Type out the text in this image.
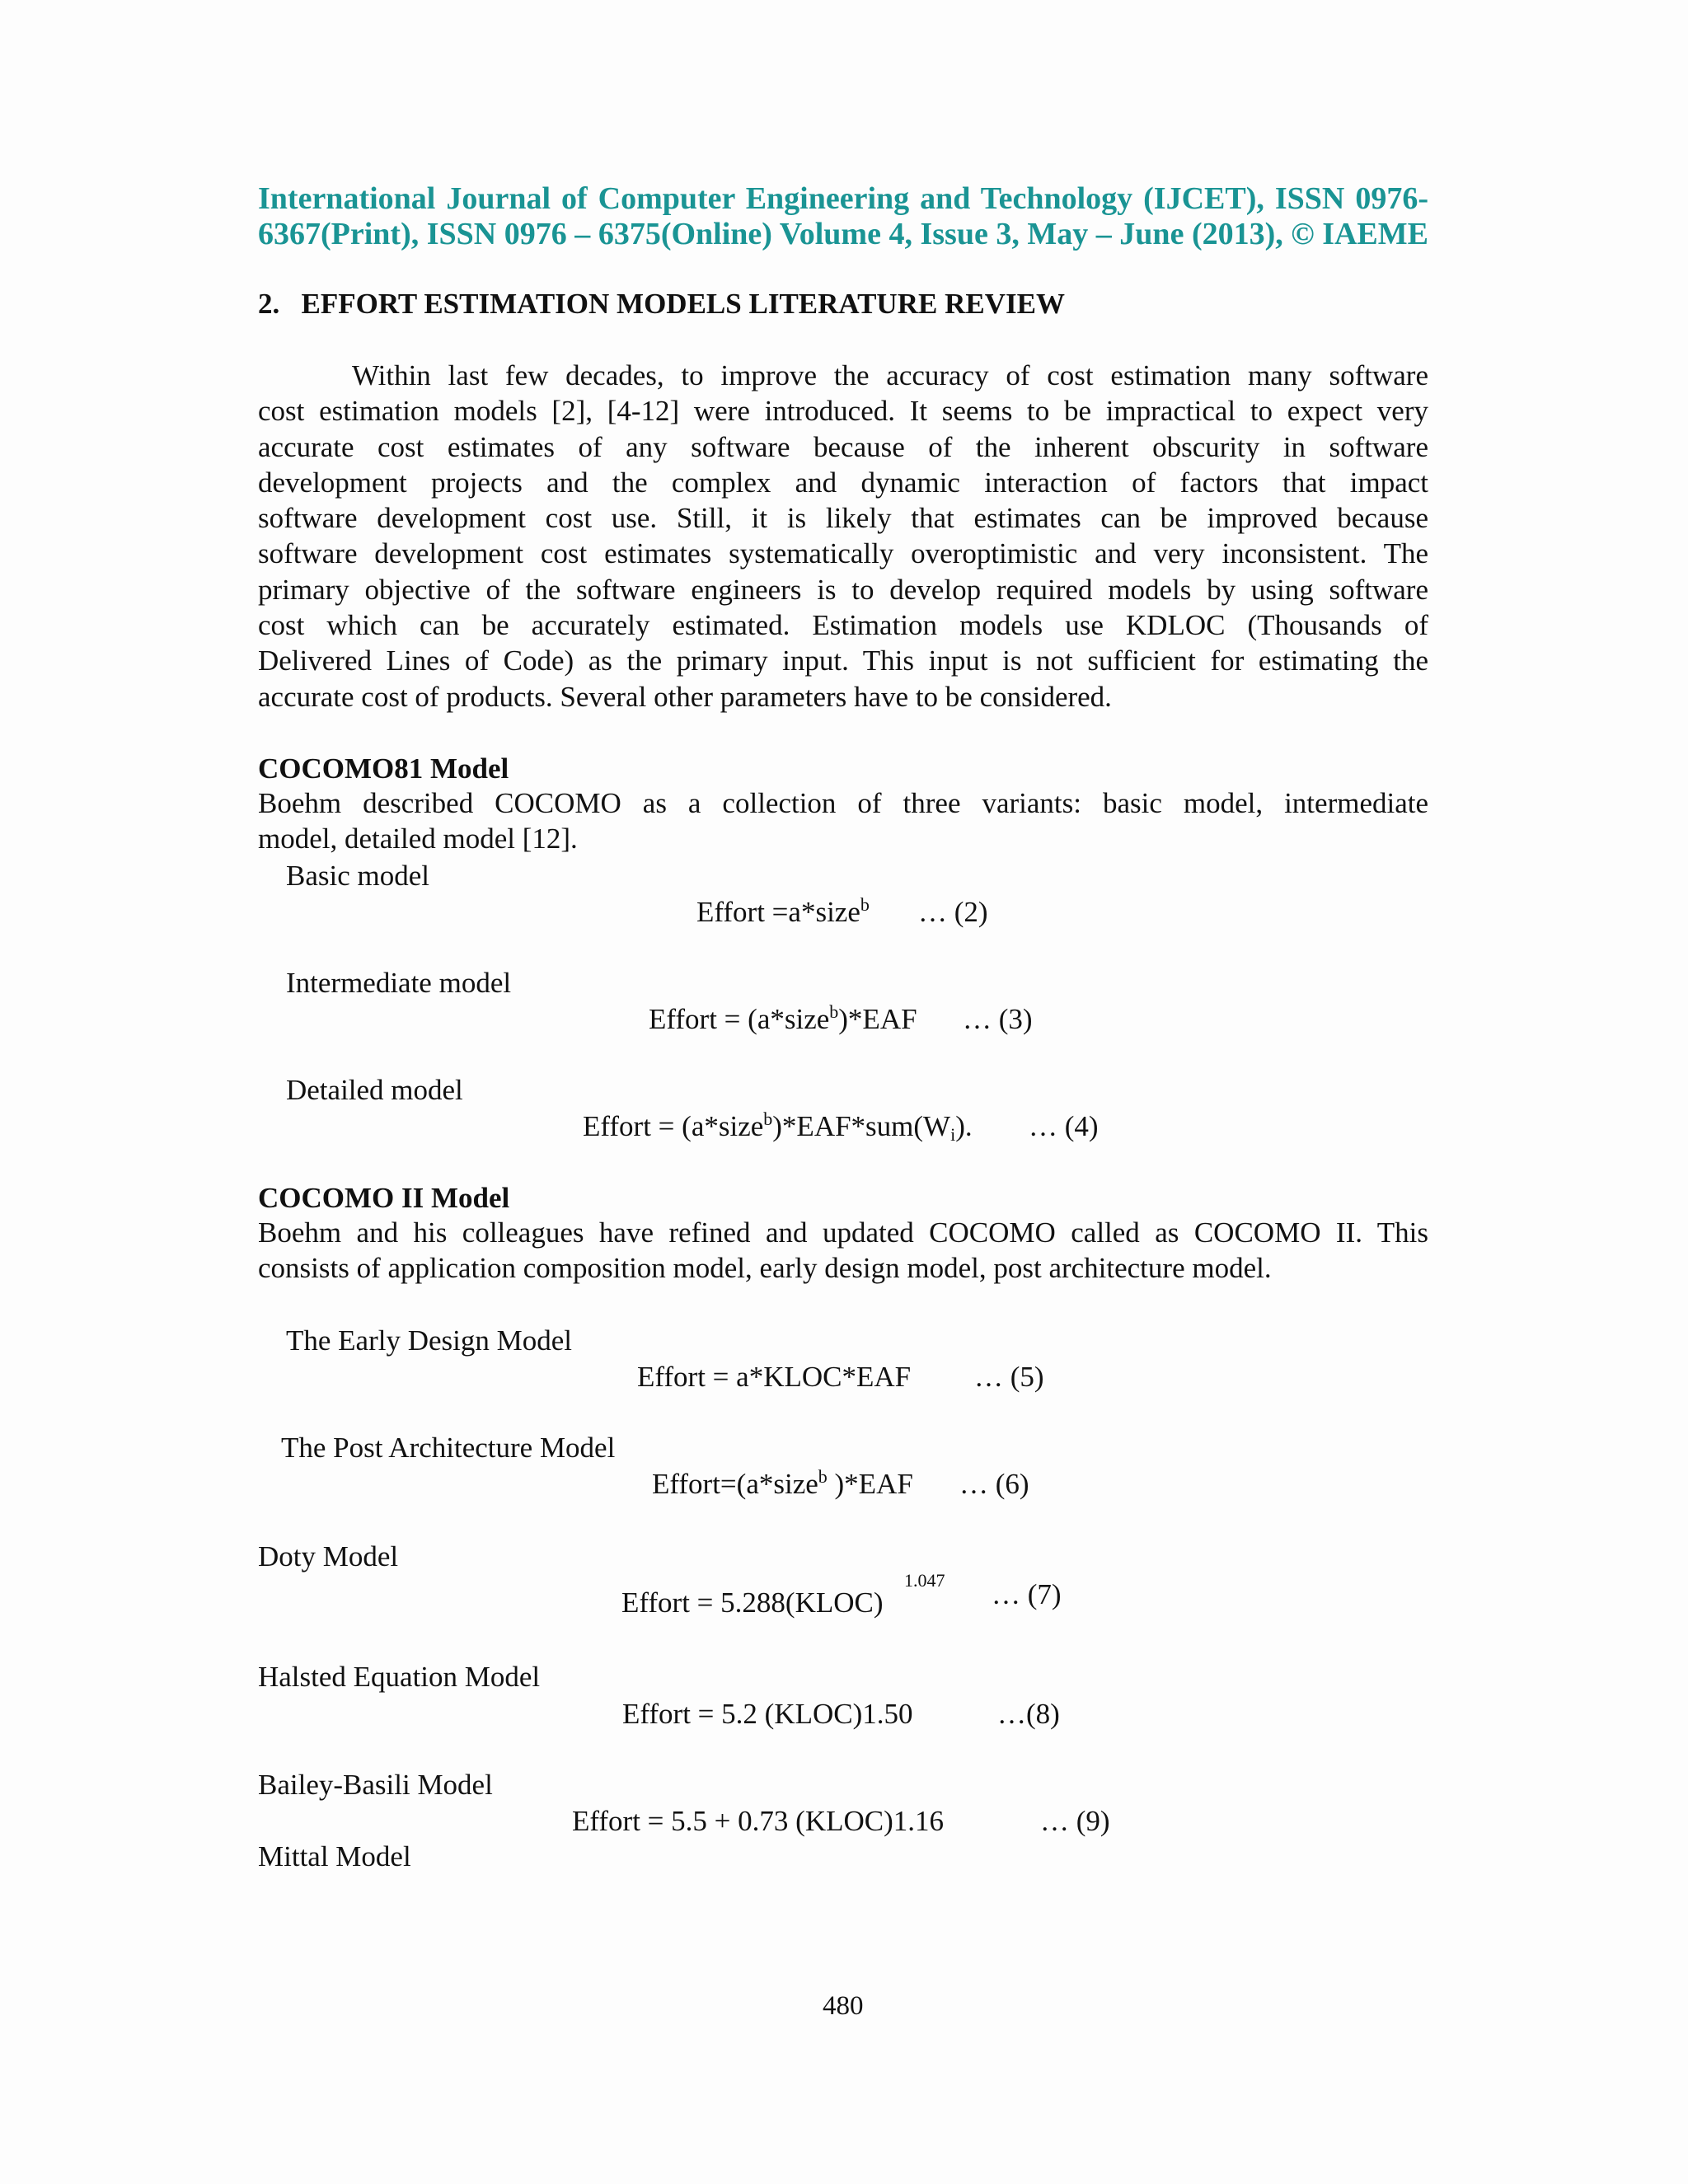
International Journal of Computer Engineering and Technology (IJCET), ISSN 0976-
6367(Print), ISSN 0976 – 6375(Online) Volume 4, Issue 3, May – June (2013), © IAEME
2.   EFFORT ESTIMATION MODELS LITERATURE REVIEW
Within last few decades, to improve the accuracy of cost estimation many software
cost estimation models [2], [4-12] were introduced. It seems to be impractical to expect very
accurate cost estimates of any software because of the inherent obscurity in software
development projects and the complex and dynamic interaction of factors that impact
software development cost use. Still, it is likely that estimates can be improved because
software development cost estimates systematically overoptimistic and very inconsistent. The
primary objective of the software engineers is to develop required models by using software
cost which can be accurately estimated. Estimation models use KDLOC (Thousands of
Delivered Lines of Code) as the primary input. This input is not sufficient for estimating the
accurate cost of products. Several other parameters have to be considered.
COCOMO81 Model
Boehm described COCOMO as a collection of three variants: basic model, intermediate
model, detailed model [12].
Basic model
Effort =a*size$^b$ … (2)
Intermediate model
Effort = (a*size$^b$)*EAF … (3)
Detailed model
Effort = $(a*size^b)*EAF*sum(W_i)$. … (4)
COCOMO II Model
Boehm and his colleagues have refined and updated COCOMO called as COCOMO II. This
consists of application composition model, early design model, post architecture model.
The Early Design Model
Effort = a*KLOC*EAF … (5)
The Post Architecture Model
Effort=(a*size$^b$ )*EAF … (6)
Doty Model
Effort = 5.288(KLOC)
1.047 … (7)
Halsted Equation Model
Effort = 5.2 (KLOC)1.50	…(8)
Bailey-Basili Model
Effort = 5.5 + 0.73 (KLOC)1.16	… (9)
Mittal Model
480
